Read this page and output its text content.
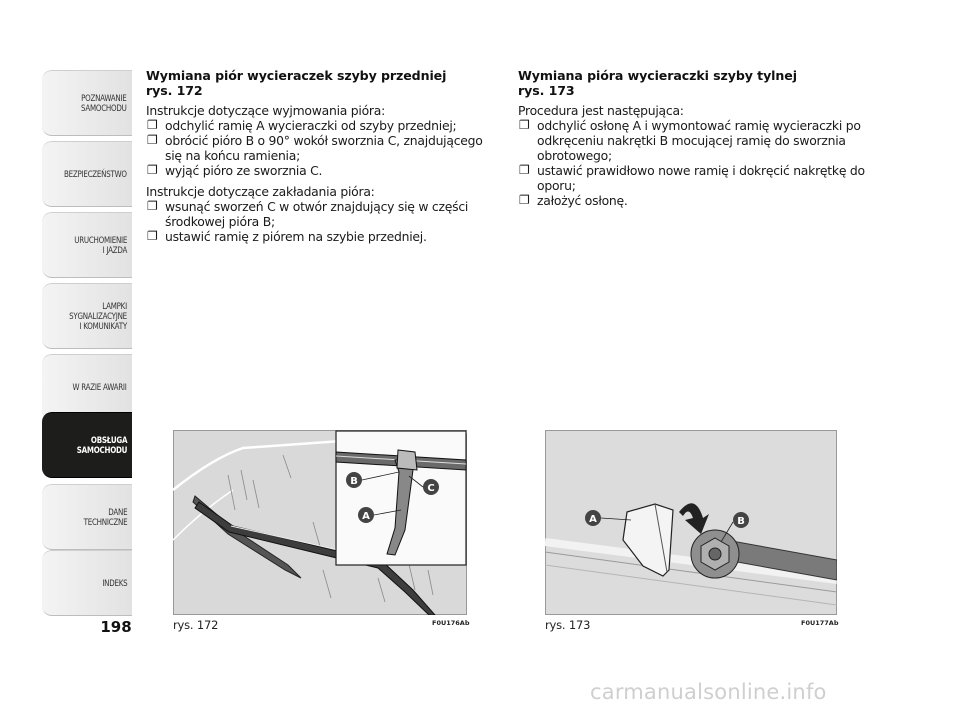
POZNAWANIE
SAMOCHODU
BEZPIECZEŃSTWO
URUCHOMIENIE
I JAZDA
LAMPKI
SYGNALIZACYJNE
I KOMUNIKATY
W RAZIE AWARII
OBSŁUGA
SAMOCHODU
DANE
TECHNICZNE
INDEKS
198
Wymiana piór wycieraczek szyby przedniej
rys. 172

Instrukcje dotyczące wyjmowania pióra:

❐ odchylić ramię A wycieraczki od szyby przedniej;
❐ obrócić pióro B o 90° wokół sworznia C, znajdującego się na końcu ramienia;
❐ wyjąć pióro ze sworznia C.

Instrukcje dotyczące zakładania pióra:

❐ wsunąć sworzeń C w otwór znajdujący się w części środkowej pióra B;
❐ ustawić ramię z piórem na szybie przedniej.
Wymiana pióra wycieraczki szyby tylnej
rys. 173

Procedura jest następująca:

❐ odchylić osłonę A i wymontować ramię wycieraczki po odkręceniu nakrętki B mocującej ramię do sworznia obrotowego;
❐ ustawić prawidłowo nowe ramię i dokręcić nakrętkę do oporu;
❐ założyć osłonę.
B
C
A
rys. 172	F0U176Ab
A	B
rys. 173	F0U177Ab
carmanualsonline.info
